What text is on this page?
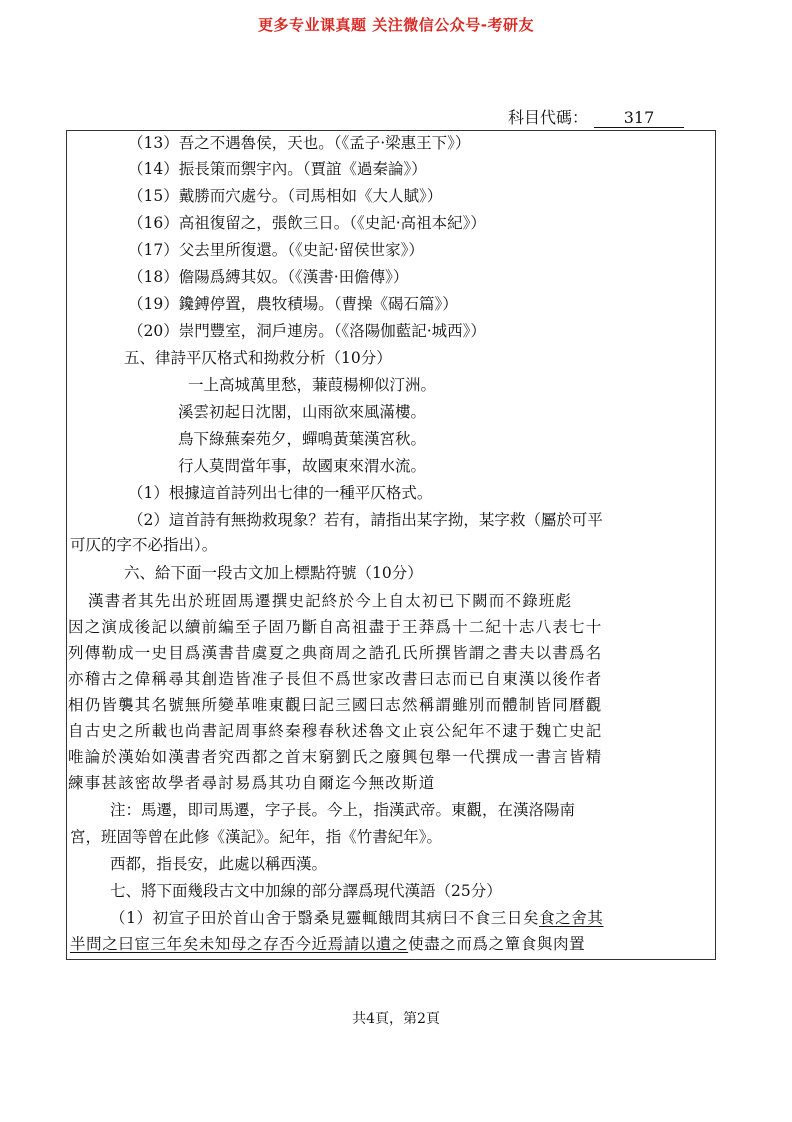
更多专业课真题 关注微信公众号-考研友
科目代碼： 317
（13）吾之不遇魯侯，天也。（《孟子·梁惠王下》）
（14）振長策而禦宇內。（賈誼《過秦論》）
（15）戴勝而穴處兮。（司馬相如《大人賦》）
（16）高祖復留之，張飲三日。（《史記·高祖本紀》）
（17）父去里所復還。（《史記·留侯世家》）
（18）儋陽爲縛其奴。（《漢書·田儋傳》）
（19）鑱鎛停置，農牧積場。（曹操《碣石篇》）
（20）崇門豐室，洞戶連房。（《洛陽伽藍記·城西》）
五、律詩平仄格式和拗救分析（10分）
一上高城萬里愁，蒹葭楊柳似汀洲。
溪雲初起日沈閣，山雨欲來風滿樓。
鳥下綠蕪秦苑夕，蟬鳴黃葉漢宮秋。
行人莫問當年事，故國東來渭水流。
（1）根據這首詩列出七律的一種平仄格式。
（2）這首詩有無拗救現象？若有，請指出某字拗，某字救（屬於可平
可仄的字不必指出）。
六、給下面一段古文加上標點符號（10分）
漢書者其先出於班固馬遷撰史記終於今上自太初已下闕而不錄班彪
因之演成後記以續前編至子固乃斷自高祖盡于王莽爲十二紀十志八表七十
列傳勒成一史目爲漢書昔虞夏之典商周之誥孔氏所撰皆謂之書夫以書爲名
亦稽古之偉稱尋其創造皆准子長但不爲世家改書曰志而已自東漢以後作者
相仍皆襲其名號無所變革唯東觀曰記三國曰志然稱謂雖別而體制皆同曆觀
自古史之所載也尚書記周事終秦穆春秋述魯文止哀公紀年不逮于魏亡史記
唯論於漢始如漢書者究西都之首末窮劉氏之廢興包舉一代撰成一書言皆精
練事甚該密故學者尋討易爲其功自爾迄今無改斯道
注：馬遷，即司馬遷，字子長。今上，指漢武帝。東觀，在漢洛陽南
宮，班固等曾在此修《漢記》。紀年，指《竹書紀年》。
西都，指長安，此處以稱西漢。
七、將下面幾段古文中加線的部分譯爲現代漢語（25分）
（1）初宣子田於首山舍于翳桑見靈輒餓問其病曰不食三日矣食之舍其
半問之曰宦三年矣未知母之存否今近焉請以遺之使盡之而爲之簞食與肉置
共4頁，第2頁
